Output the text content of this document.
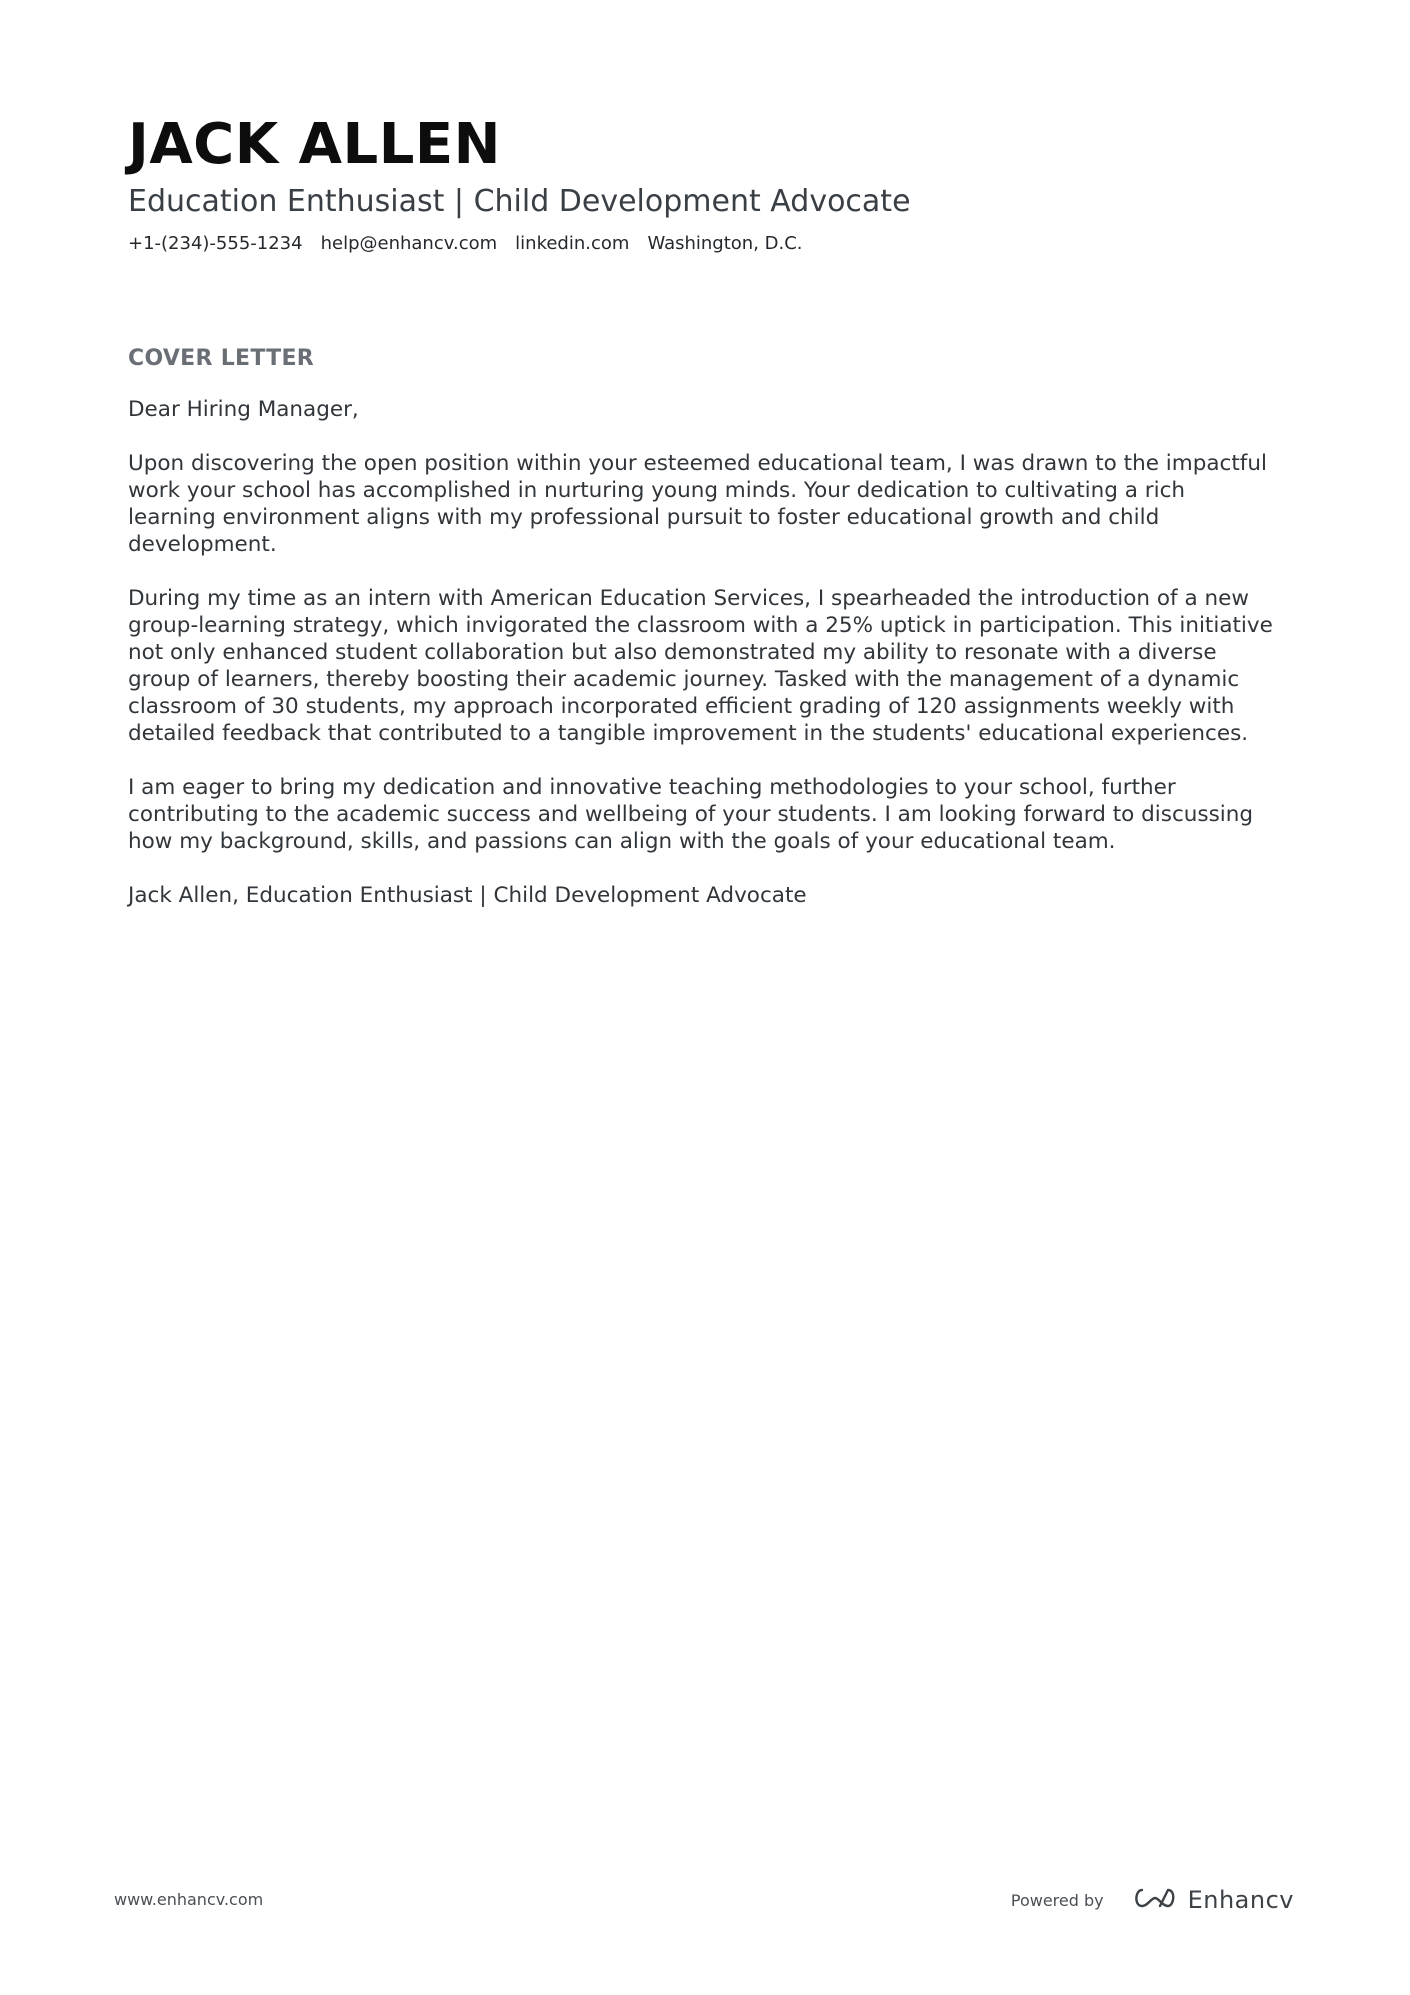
JACK ALLEN
Education Enthusiast | Child Development Advocate
+1-(234)-555-1234 help@enhancv.com linkedin.com Washington, D.C.
COVER LETTER

Dear Hiring Manager,

Upon discovering the open position within your esteemed educational team, I was drawn to the impactful work your school has accomplished in nurturing young minds. Your dedication to cultivating a rich learning environment aligns with my professional pursuit to foster educational growth and child development.

During my time as an intern with American Education Services, I spearheaded the introduction of a new group-learning strategy, which invigorated the classroom with a 25% uptick in participation. This initiative not only enhanced student collaboration but also demonstrated my ability to resonate with a diverse group of learners, thereby boosting their academic journey. Tasked with the management of a dynamic classroom of 30 students, my approach incorporated efficient grading of 120 assignments weekly with detailed feedback that contributed to a tangible improvement in the students' educational experiences.

I am eager to bring my dedication and innovative teaching methodologies to your school, further contributing to the academic success and wellbeing of your students. I am looking forward to discussing how my background, skills, and passions can align with the goals of your educational team.

Jack Allen, Education Enthusiast | Child Development Advocate

www.enhancv.com	Powered by	Enhancv
